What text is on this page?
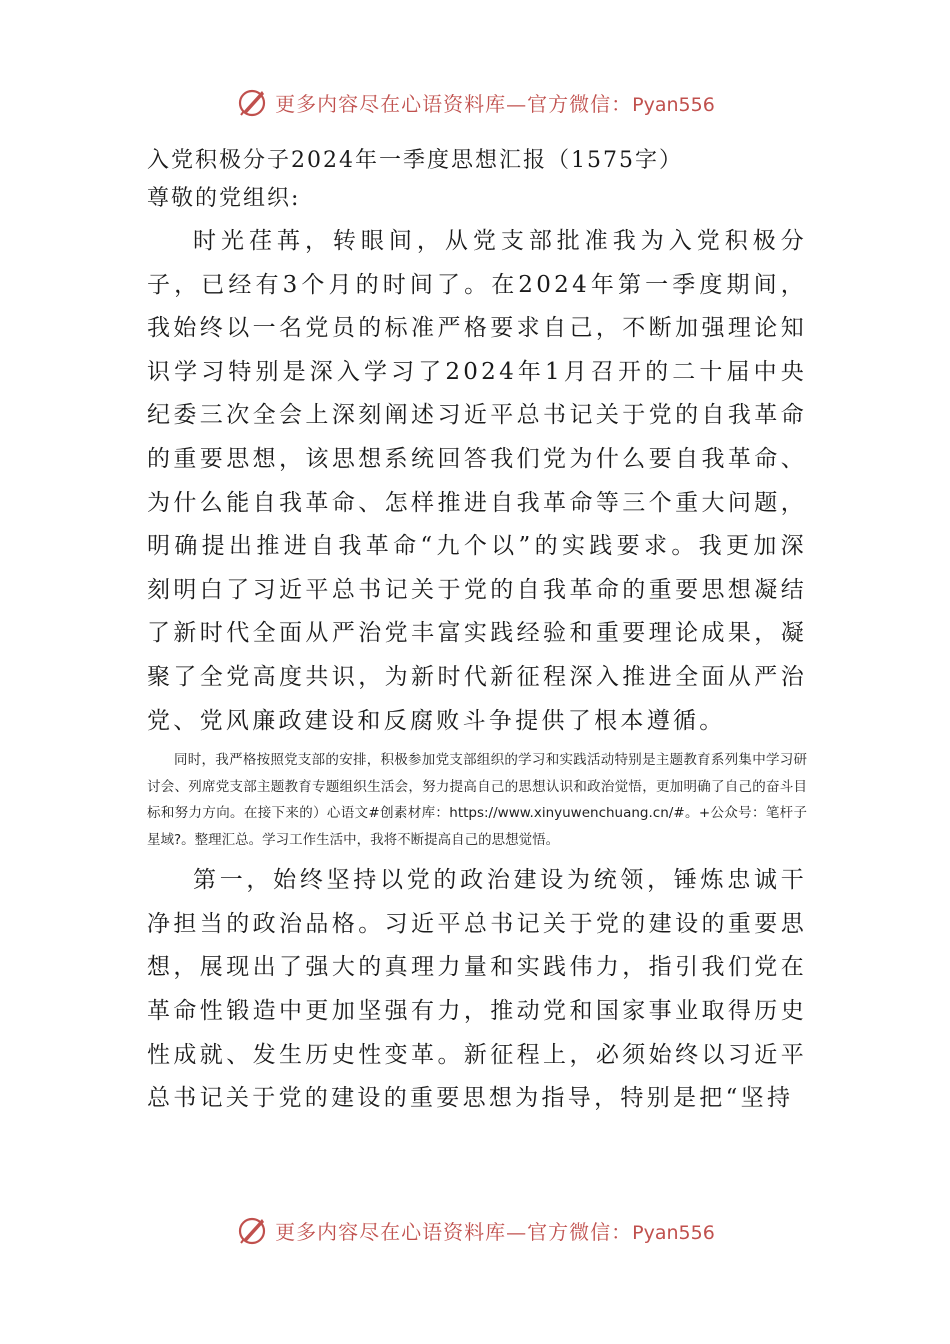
更多内容尽在心语资料库—官方微信：Pyan556

入党积极分子2024年一季度思想汇报（1575字）

尊敬的党组织:

时光荏苒，转眼间，从党支部批准我为入党积极分子，已经有3个月的时间了。在2024年第一季度期间，我始终以一名党员的标准严格要求自己，不断加强理论知识学习特别是深入学习了2024年1月召开的二十届中央纪委三次全会上深刻阐述习近平总书记关于党的自我革命的重要思想，该思想系统回答我们党为什么要自我革命、为什么能自我革命、怎样推进自我革命等三个重大问题，明确提出推进自我革命“九个以”的实践要求。我更加深刻明白了习近平总书记关于党的自我革命的重要思想凝结了新时代全面从严治党丰富实践经验和重要理论成果，凝聚了全党高度共识，为新时代新征程深入推进全面从严治党、党风廉政建设和反腐败斗争提供了根本遵循。

同时，我严格按照党支部的安排，积极参加党支部组织的学习和实践活动特别是主题教育系列集中学习研讨会、列席党支部主题教育专题组织生活会，努力提高自己的思想认识和政治觉悟，更加明确了自己的奋斗目标和努力方向。在接下来的）心语文#创素材库：https://www.xinyuwenchuang.cn/#。+公众号：笔杆子星域?。整理汇总。学习工作生活中，我将不断提高自己的思想觉悟。

第一，始终坚持以党的政治建设为统领，锤炼忠诚干净担当的政治品格。习近平总书记关于党的建设的重要思想，展现出了强大的真理力量和实践伟力，指引我们党在革命性锻造中更加坚强有力，推动党和国家事业取得历史性成就、发生历史性变革。新征程上，必须始终以习近平总书记关于党的建设的重要思想为指导，特别是把“坚持

更多内容尽在心语资料库—官方微信：Pyan556
